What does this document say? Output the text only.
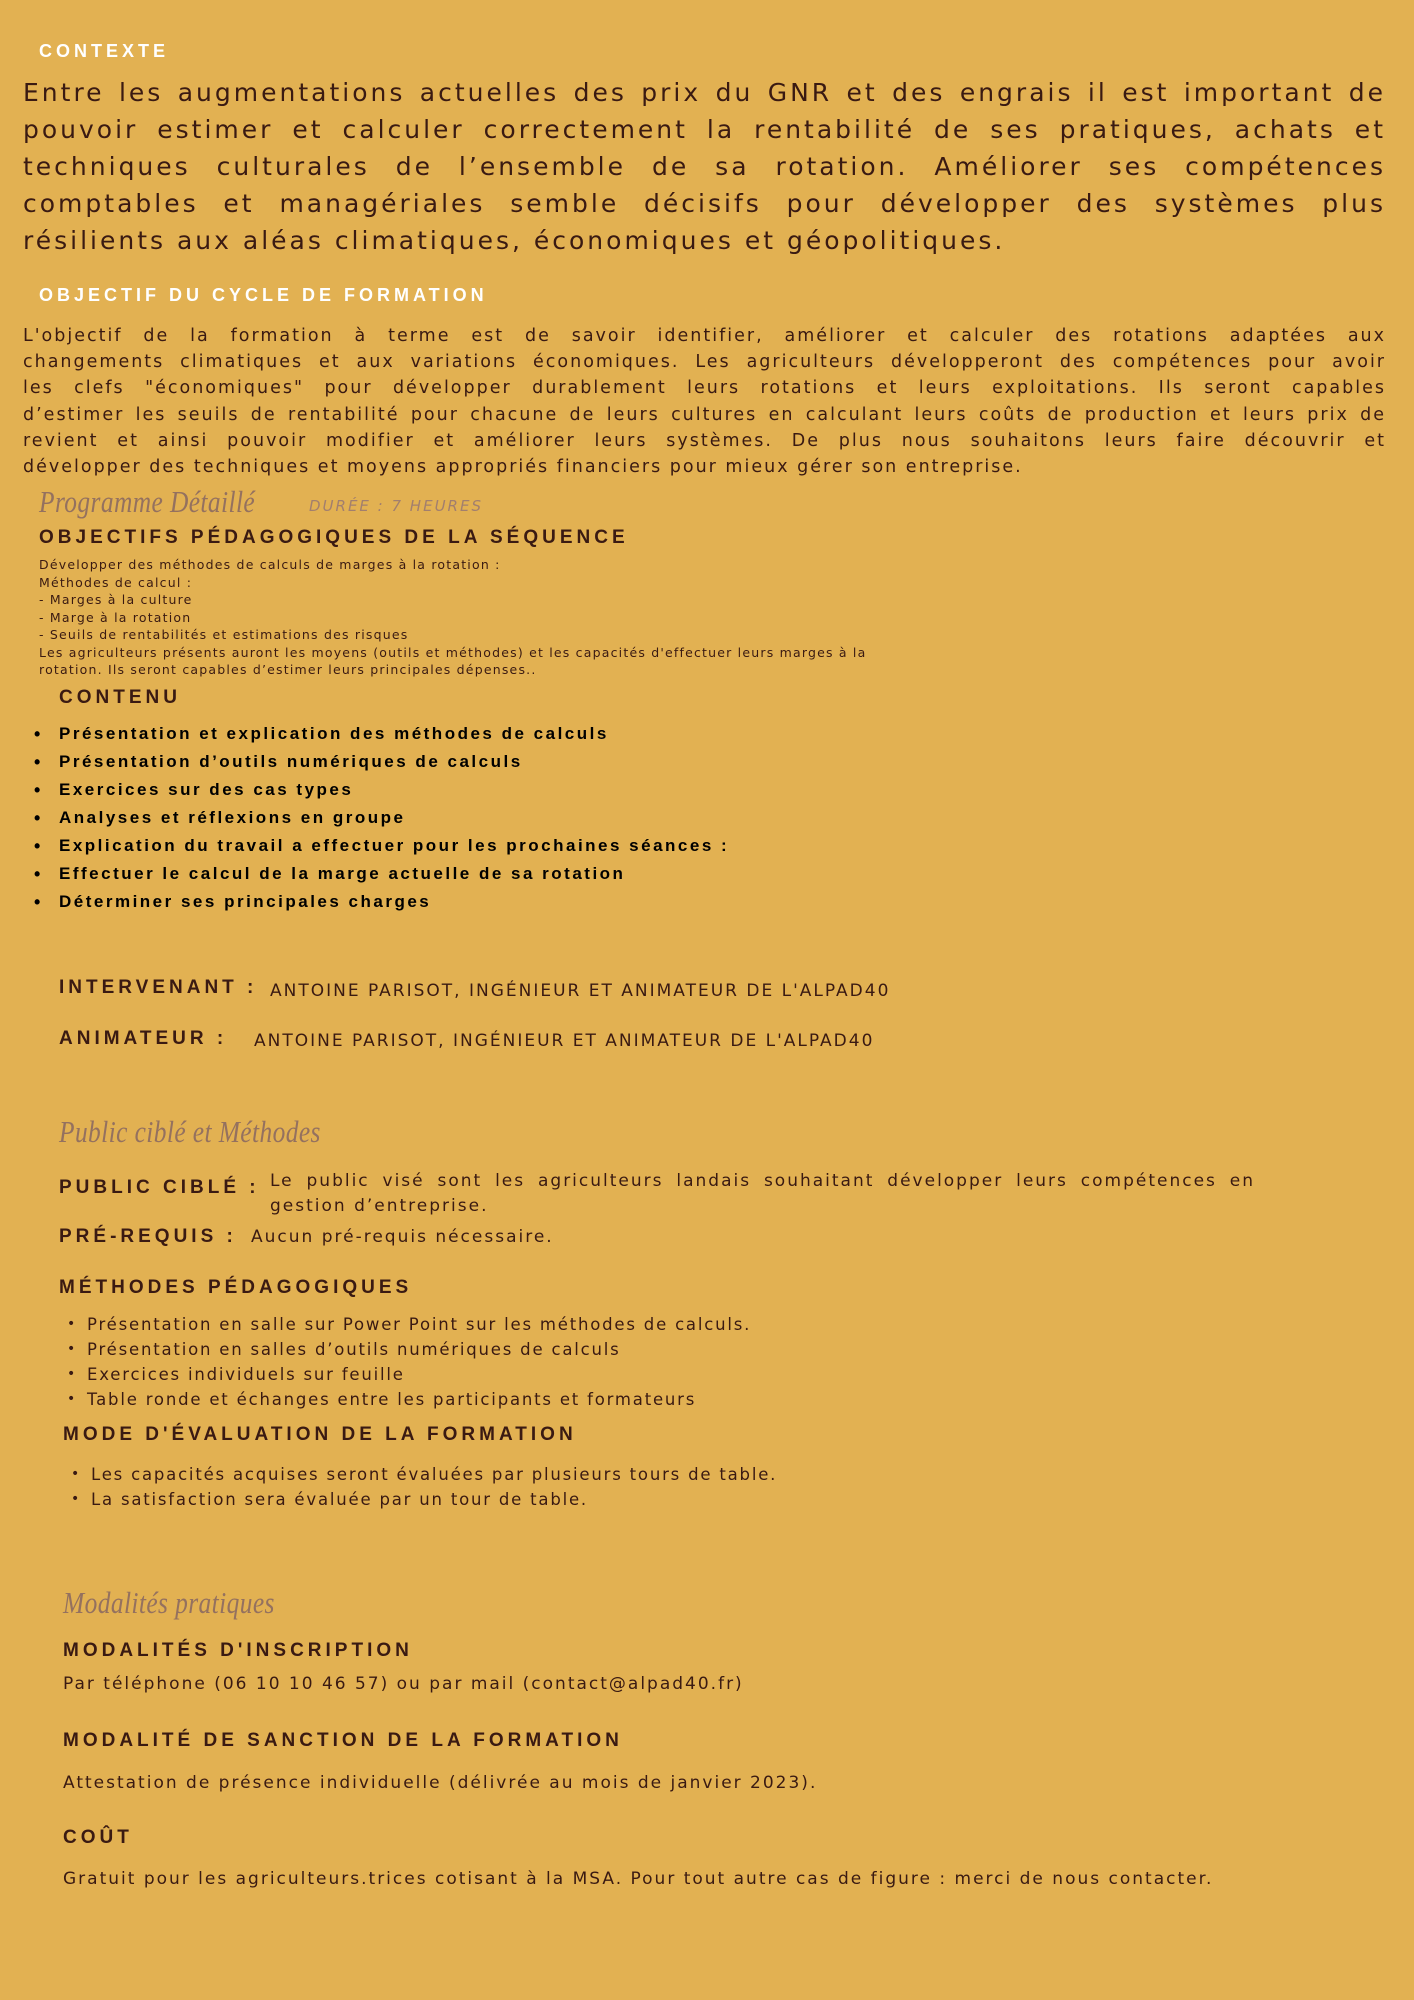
CONTEXTE
Entre les augmentations actuelles des prix du GNR et des engrais il est important de
pouvoir estimer et calculer correctement la rentabilité de ses pratiques, achats et
techniques culturales de l’ensemble de sa rotation. Améliorer ses compétences
comptables et managériales semble décisifs pour développer des systèmes plus
résilients aux aléas climatiques, économiques et géopolitiques.
OBJECTIF DU CYCLE DE FORMATION
L'objectif de la formation à terme est de savoir identifier, améliorer et calculer des rotations adaptées aux
changements climatiques et aux variations économiques. Les agriculteurs développeront des compétences pour avoir
les clefs "économiques" pour développer durablement leurs rotations et leurs exploitations. Ils seront capables
d’estimer les seuils de rentabilité pour chacune de leurs cultures en calculant leurs coûts de production et leurs prix de
revient et ainsi pouvoir modifier et améliorer leurs systèmes. De plus nous souhaitons leurs faire découvrir et
développer des techniques et moyens appropriés financiers pour mieux gérer son entreprise.
Programme Détaillé	DURÉE : 7 HEURES
OBJECTIFS PÉDAGOGIQUES DE LA SÉQUENCE
Développer des méthodes de calculs de marges à la rotation :
Méthodes de calcul :
- Marges à la culture
- Marge à la rotation
- Seuils de rentabilités et estimations des risques
Les agriculteurs présents auront les moyens (outils et méthodes) et les capacités d'effectuer leurs marges à la
rotation. Ils seront capables d’estimer leurs principales dépenses..
CONTENU
• Présentation et explication des méthodes de calculs
• Présentation d’outils numériques de calculs
• Exercices sur des cas types
• Analyses et réflexions en groupe
• Explication du travail a effectuer pour les prochaines séances :
• Effectuer le calcul de la marge actuelle de sa rotation
• Déterminer ses principales charges
INTERVENANT : ANTOINE PARISOT, INGÉNIEUR ET ANIMATEUR DE L'ALPAD40
ANIMATEUR : ANTOINE PARISOT, INGÉNIEUR ET ANIMATEUR DE L'ALPAD40
Public ciblé et Méthodes
PUBLIC CIBLÉ : Le public visé sont les agriculteurs landais souhaitant développer leurs compétences en
gestion d’entreprise.
PRÉ-REQUIS : Aucun pré-requis nécessaire.
MÉTHODES PÉDAGOGIQUES
• Présentation en salle sur Power Point sur les méthodes de calculs.
• Présentation en salles d’outils numériques de calculs
• Exercices individuels sur feuille
• Table ronde et échanges entre les participants et formateurs
MODE D'ÉVALUATION DE LA FORMATION
• Les capacités acquises seront évaluées par plusieurs tours de table.
• La satisfaction sera évaluée par un tour de table.
Modalités pratiques
MODALITÉS D'INSCRIPTION
Par téléphone (06 10 10 46 57) ou par mail (contact@alpad40.fr)
MODALITÉ DE SANCTION DE LA FORMATION
Attestation de présence individuelle (délivrée au mois de janvier 2023).
COÛT
Gratuit pour les agriculteurs.trices cotisant à la MSA. Pour tout autre cas de figure : merci de nous contacter.
